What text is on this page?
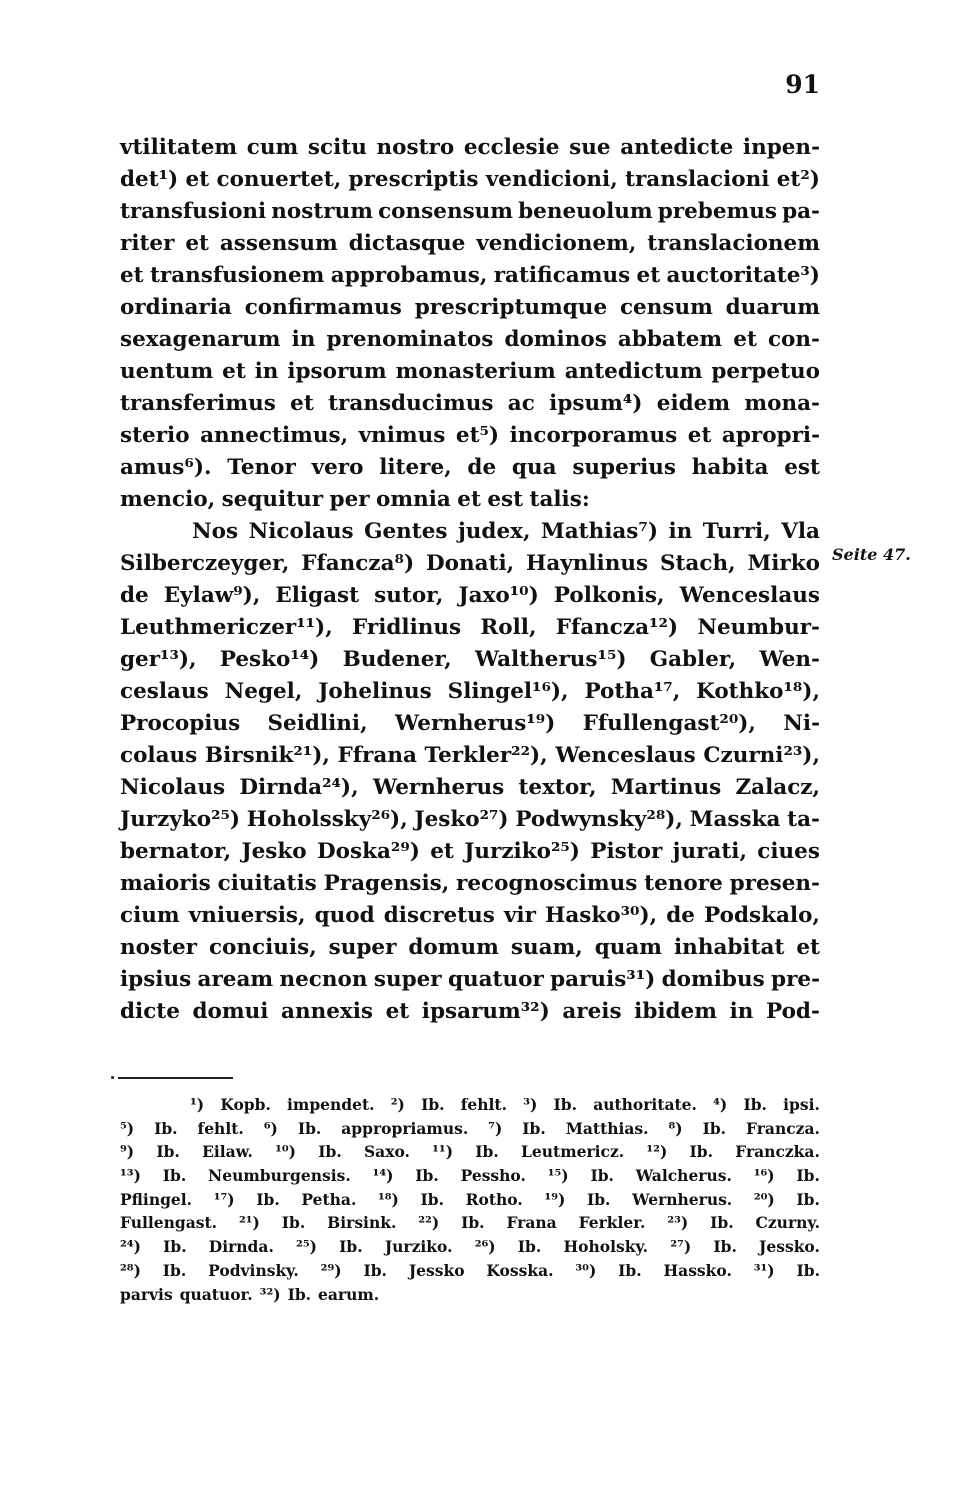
91
vtilitatem cum scitu nostro ecclesie sue antedicte inpen-
det¹) et conuertet, prescriptis vendicioni, translacioni et²)
transfusioni nostrum consensum beneuolum prebemus pa-
riter et assensum dictasque vendicionem, translacionem
et transfusionem approbamus, ratificamus et auctoritate³)
ordinaria confirmamus prescriptumque censum duarum
sexagenarum in prenominatos dominos abbatem et con-
uentum et in ipsorum monasterium antedictum perpetuo
transferimus et transducimus ac ipsum⁴) eidem mona-
sterio annectimus, vnimus et⁵) incorporamus et apropri-
amus⁶). Tenor vero litere, de qua superius habita est
mencio, sequitur per omnia et est talis:
Nos Nicolaus Gentes judex, Mathias⁷) in Turri, Vla
Silberczeyger, Ffancza⁸) Donati, Haynlinus Stach, Mirko
de Eylaw⁹), Eligast sutor, Jaxo¹⁰) Polkonis, Wenceslaus
Leuthmericzer¹¹), Fridlinus Roll, Ffancza¹²) Neumbur-
ger¹³), Pesko¹⁴) Budener, Waltherus¹⁵) Gabler, Wen-
ceslaus Negel, Johelinus Slingel¹⁶), Potha¹⁷, Kothko¹⁸),
Procopius Seidlini, Wernherus¹⁹) Ffullengast²⁰), Ni-
colaus Birsnik²¹), Ffrana Terkler²²), Wenceslaus Czurni²³),
Nicolaus Dirnda²⁴), Wernherus textor, Martinus Zalacz,
Jurzyko²⁵) Hoholssky²⁶), Jesko²⁷) Podwynsky²⁸), Masska ta-
bernator, Jesko Doska²⁹) et Jurziko²⁵) Pistor jurati, ciues
maioris ciuitatis Pragensis, recognoscimus tenore presen-
cium vniuersis, quod discretus vir Hasko³⁰), de Podskalo,
noster conciuis, super domum suam, quam inhabitat et
ipsius aream necnon super quatuor paruis³¹) domibus pre-
dicte domui annexis et ipsarum³²) areis ibidem in Pod-
Seite 47.
¹) Kopb. impendet. ²) Ib. fehlt. ³) Ib. authoritate. ⁴) Ib. ipsi.
⁵) Ib. fehlt. ⁶) Ib. appropriamus. ⁷) Ib. Matthias. ⁸) Ib. Francza.
⁹) Ib. Eilaw. ¹⁰) Ib. Saxo. ¹¹) Ib. Leutmericz. ¹²) Ib. Franczka.
¹³) Ib. Neumburgensis. ¹⁴) Ib. Pessho. ¹⁵) Ib. Walcherus. ¹⁶) Ib.
Pflingel. ¹⁷) Ib. Petha. ¹⁸) Ib. Rotho. ¹⁹) Ib. Wernherus. ²⁰) Ib.
Fullengast. ²¹) Ib. Birsink. ²²) Ib. Frana Ferkler. ²³) Ib. Czurny.
²⁴) Ib. Dirnda. ²⁵) Ib. Jurziko. ²⁶) Ib. Hoholsky. ²⁷) Ib. Jessko.
²⁸) Ib. Podvinsky. ²⁹) Ib. Jessko Kosska. ³⁰) Ib. Hassko. ³¹) Ib.
parvis quatuor. ³²) Ib. earum.
